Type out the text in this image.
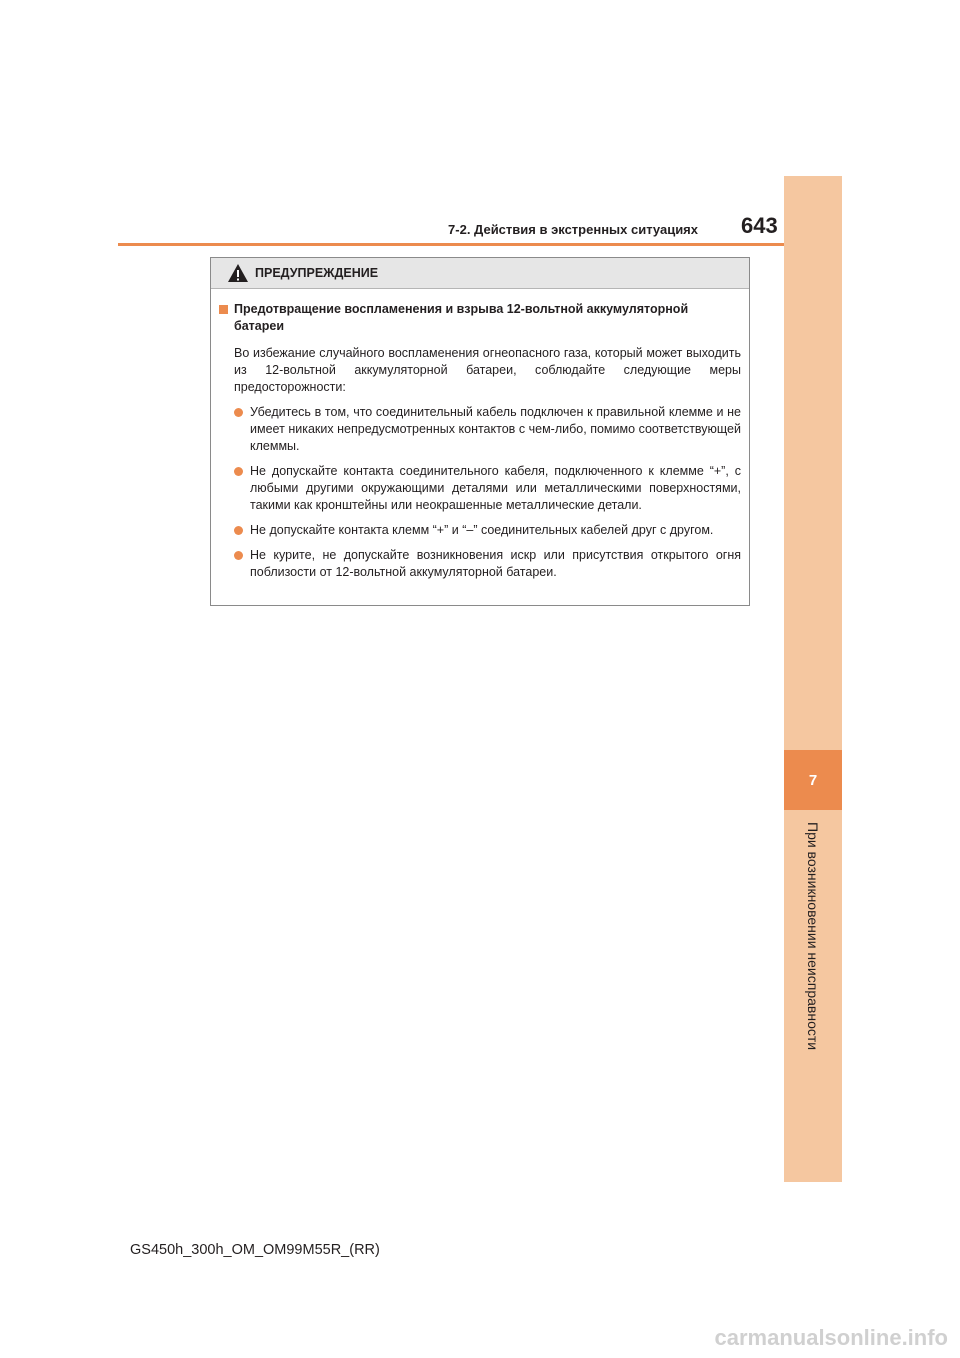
7
При возникновении неисправности
7-2. Действия в экстренных ситуациях 643
ПРЕДУПРЕЖДЕНИЕ
Предотвращение воспламенения и взрыва 12-вольтной аккумуляторной батареи
Во избежание случайного воспламенения огнеопасного газа, который может выходить из 12-вольтной аккумуляторной батареи, соблюдайте следующие меры предосторожности:
Убедитесь в том, что соединительный кабель подключен к правильной клемме и не имеет никаких непредусмотренных контактов с чем-либо, помимо соответствующей клеммы.
Не допускайте контакта соединительного кабеля, подключенного к клемме “+”, с любыми другими окружающими деталями или металлическими поверхностями, такими как кронштейны или неокрашенные металлические детали.
Не допускайте контакта клемм “+” и “–” соединительных кабелей друг с другом.
Не курите, не допускайте возникновения искр или присутствия открытого огня поблизости от 12-вольтной аккумуляторной батареи.
GS450h_300h_OM_OM99M55R_(RR)
carmanualsonline.info
